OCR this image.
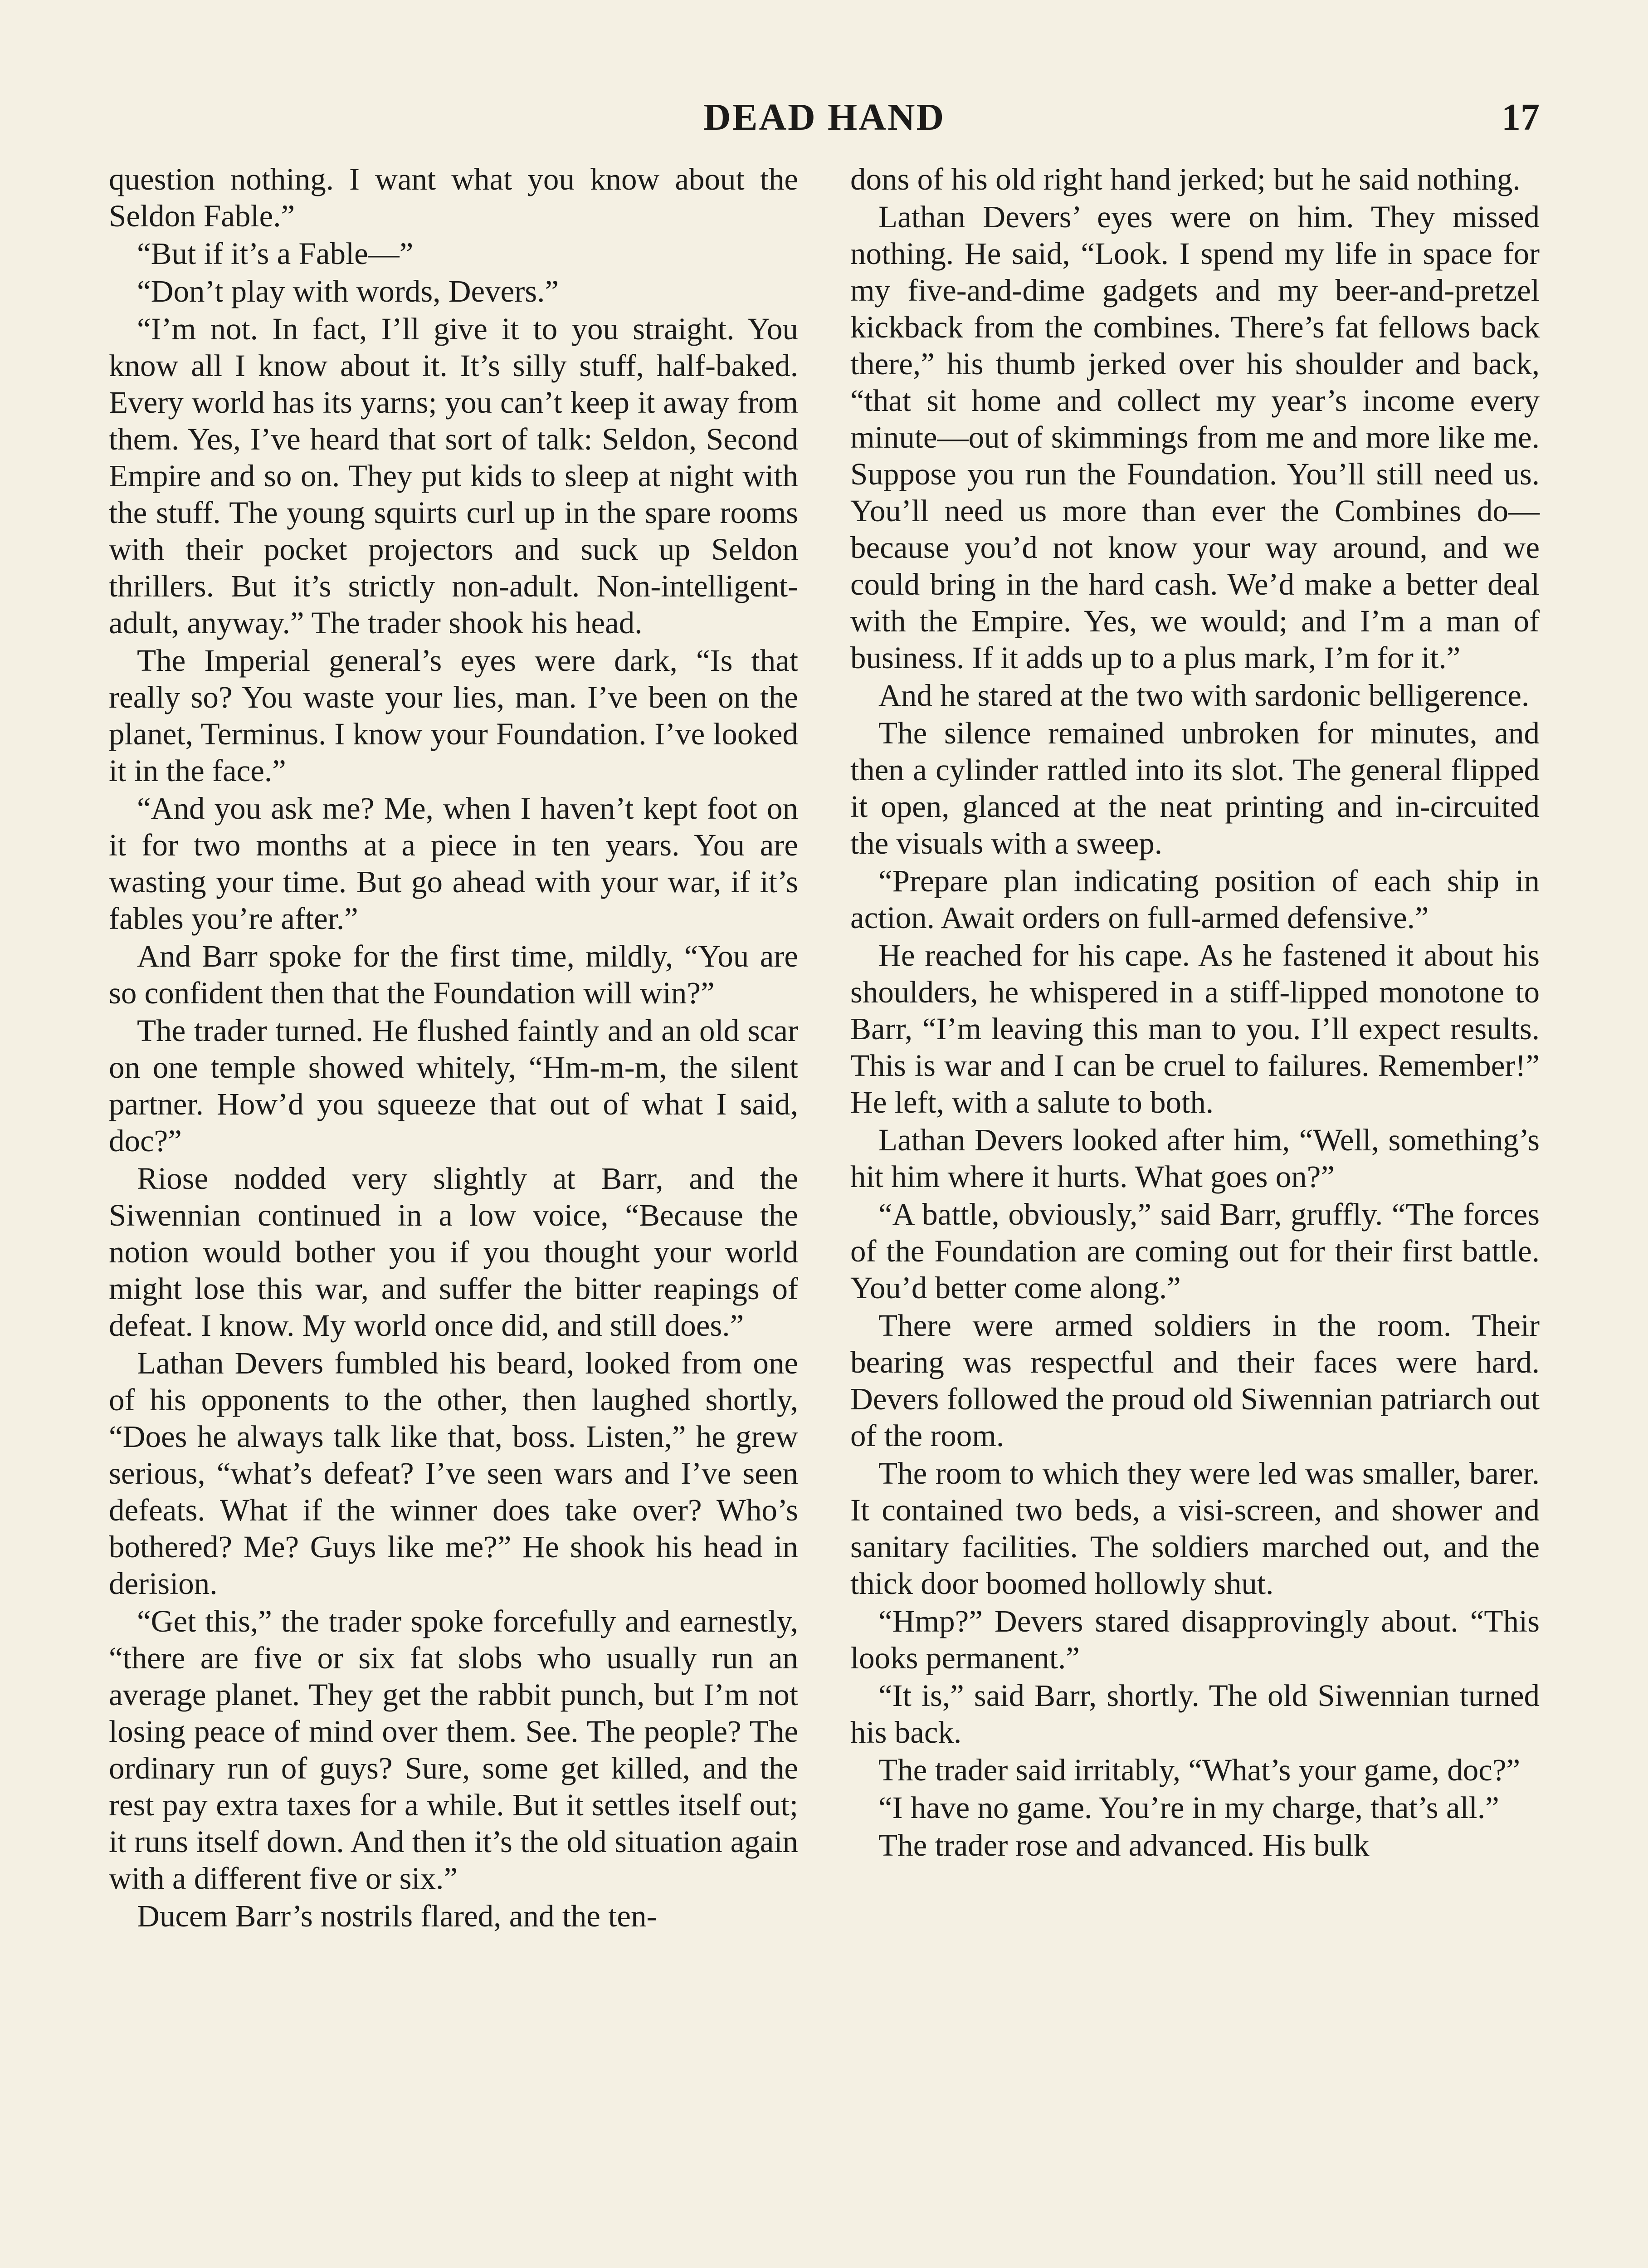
DEAD HAND	17

question nothing. I want what you know about the Seldon Fable.”

“But if it’s a Fable—”

“Don’t play with words, Devers.”

“I’m not. In fact, I’ll give it to you straight. You know all I know about it. It’s silly stuff, half-baked. Every world has its yarns; you can’t keep it away from them. Yes, I’ve heard that sort of talk: Seldon, Second Empire and so on. They put kids to sleep at night with the stuff. The young squirts curl up in the spare rooms with their pocket projectors and suck up Seldon thrillers. But it’s strictly non-adult. Non-intelligent-adult, anyway.” The trader shook his head.

The Imperial general’s eyes were dark, “Is that really so? You waste your lies, man. I’ve been on the planet, Terminus. I know your Foundation. I’ve looked it in the face.”

“And you ask me? Me, when I haven’t kept foot on it for two months at a piece in ten years. You are wasting your time. But go ahead with your war, if it’s fables you’re after.”

And Barr spoke for the first time, mildly, “You are so confident then that the Foundation will win?”

The trader turned. He flushed faintly and an old scar on one temple showed whitely, “Hm-m-m, the silent partner. How’d you squeeze that out of what I said, doc?”

Riose nodded very slightly at Barr, and the Siwennian continued in a low voice, “Because the notion would bother you if you thought your world might lose this war, and suffer the bitter reapings of defeat. I know. My world once did, and still does.”

Lathan Devers fumbled his beard, looked from one of his opponents to the other, then laughed shortly, “Does he always talk like that, boss. Listen,” he grew serious, “what’s defeat? I’ve seen wars and I’ve seen defeats. What if the winner does take over? Who’s bothered? Me? Guys like me?” He shook his head in derision.

“Get this,” the trader spoke forcefully and earnestly, “there are five or six fat slobs who usually run an average planet. They get the rabbit punch, but I’m not losing peace of mind over them. See. The people? The ordinary run of guys? Sure, some get killed, and the rest pay extra taxes for a while. But it settles itself out; it runs itself down. And then it’s the old situation again with a different five or six.”

Ducem Barr’s nostrils flared, and the ten-

dons of his old right hand jerked; but he said nothing.

Lathan Devers’ eyes were on him. They missed nothing. He said, “Look. I spend my life in space for my five-and-dime gadgets and my beer-and-pretzel kickback from the combines. There’s fat fellows back there,” his thumb jerked over his shoulder and back, “that sit home and collect my year’s income every minute—out of skimmings from me and more like me. Suppose you run the Foundation. You’ll still need us. You’ll need us more than ever the Combines do—because you’d not know your way around, and we could bring in the hard cash. We’d make a better deal with the Empire. Yes, we would; and I’m a man of business. If it adds up to a plus mark, I’m for it.”

And he stared at the two with sardonic belligerence.

The silence remained unbroken for minutes, and then a cylinder rattled into its slot. The general flipped it open, glanced at the neat printing and in-circuited the visuals with a sweep.

“Prepare plan indicating position of each ship in action. Await orders on full-armed defensive.”

He reached for his cape. As he fastened it about his shoulders, he whispered in a stiff-lipped monotone to Barr, “I’m leaving this man to you. I’ll expect results. This is war and I can be cruel to failures. Remember!” He left, with a salute to both.

Lathan Devers looked after him, “Well, something’s hit him where it hurts. What goes on?”

“A battle, obviously,” said Barr, gruffly. “The forces of the Foundation are coming out for their first battle. You’d better come along.”

There were armed soldiers in the room. Their bearing was respectful and their faces were hard. Devers followed the proud old Siwennian patriarch out of the room.

The room to which they were led was smaller, barer. It contained two beds, a visi-screen, and shower and sanitary facilities. The soldiers marched out, and the thick door boomed hollowly shut.

“Hmp?” Devers stared disapprovingly about. “This looks permanent.”

“It is,” said Barr, shortly. The old Siwennian turned his back.

The trader said irritably, “What’s your game, doc?”

“I have no game. You’re in my charge, that’s all.”

The trader rose and advanced. His bulk
